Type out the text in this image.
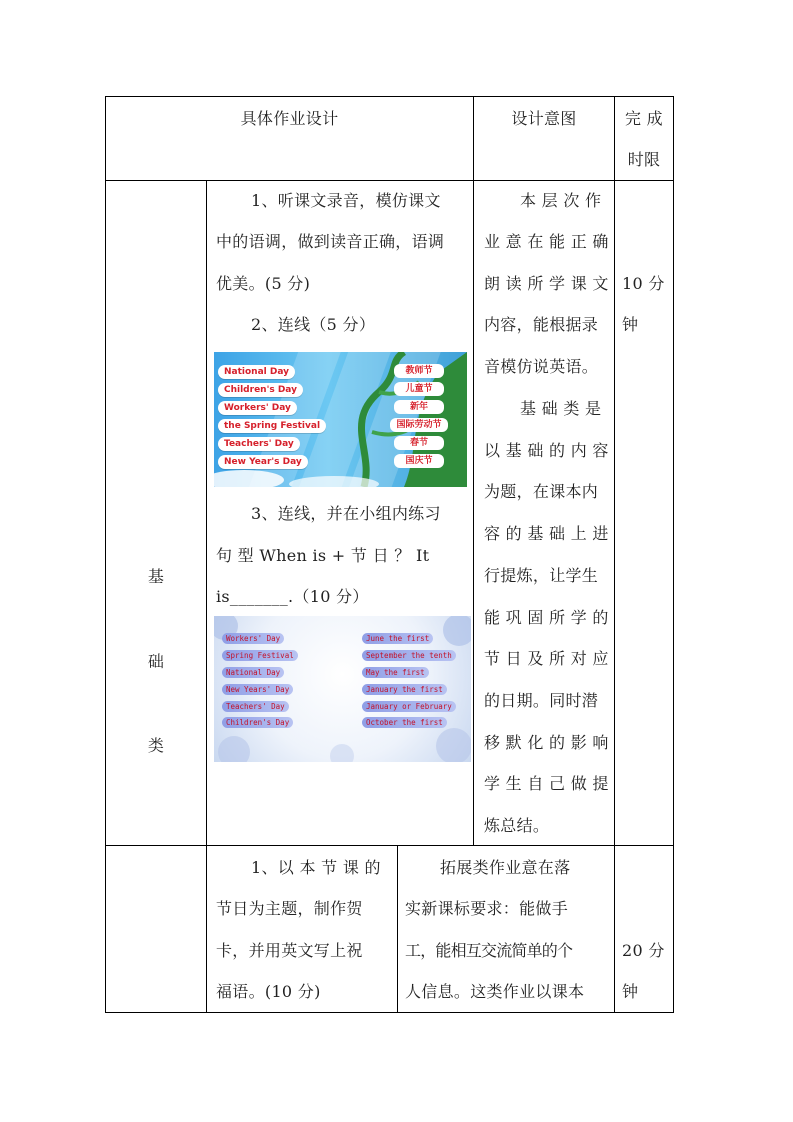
具体作业设计	设计意图	完 成
时限
基
础
类
1、听课文录音，模仿课文
中的语调，做到读音正确，语调
优美。(5 分)
2、连线（5 分）
National Day
Children's Day
Workers' Day
the Spring Festival
Teachers' Day
New Year's Day
教师节
儿童节
新年
国际劳动节
春节
国庆节
3、连线，并在小组内练习
句 型 When is + 节 日 ？ It
is_______.（10 分）
Workers' Day
Spring Festival
National Day
New Years' Day
Teachers' Day
Children's Day
June the first
September the tenth
May the first
January the first
January or February
October the first
本 层 次 作
业 意 在 能 正 确
朗 读 所 学 课 文
内容，能根据录
音模仿说英语。
基 础 类 是
以 基 础 的 内 容
为题，在课本内
容 的 基 础 上 进
行提炼，让学生
能 巩 固 所 学 的
节 日 及 所 对 应
的日期。同时潜
移 默 化 的 影 响
学 生 自 己 做 提
炼总结。
10 分
钟
1、以 本 节 课 的
节日为主题，制作贺
卡，并用英文写上祝
福语。(10 分)
拓展类作业意在落
实新课标要求：能做手
工，能相互交流简单的个
人信息。这类作业以课本
20 分
钟
